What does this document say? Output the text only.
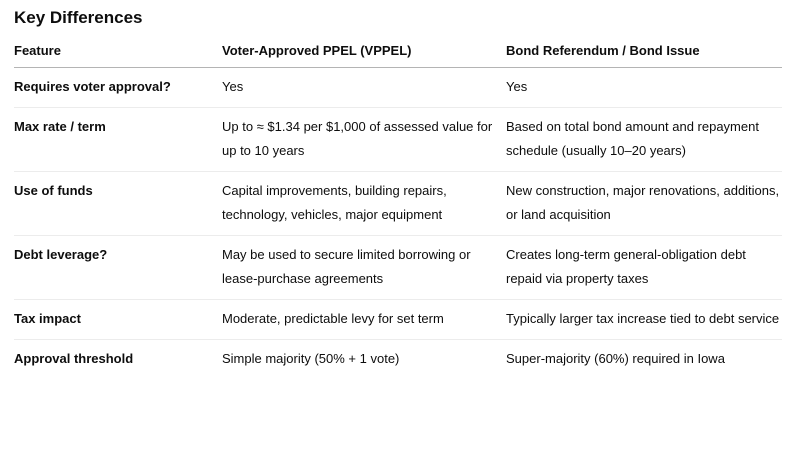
Key Differences
Feature	Voter-Approved PPEL (VPPEL)	Bond Referendum / Bond Issue
Requires voter approval?	Yes	Yes

Max rate / term	Up to ≈ $1.34 per $1,000 of assessed value for up to 10 years	Based on total bond amount and repayment schedule (usually 10–20 years)

Use of funds	Capital improvements, building repairs, technology, vehicles, major equipment	New construction, major renovations, additions, or land acquisition

Debt leverage?	May be used to secure limited borrowing or lease-purchase agreements	Creates long-term general-obligation debt repaid via property taxes

Tax impact	Moderate, predictable levy for set term	Typically larger tax increase tied to debt service

Approval threshold	Simple majority (50% + 1 vote)	Super-majority (60%) required in Iowa
